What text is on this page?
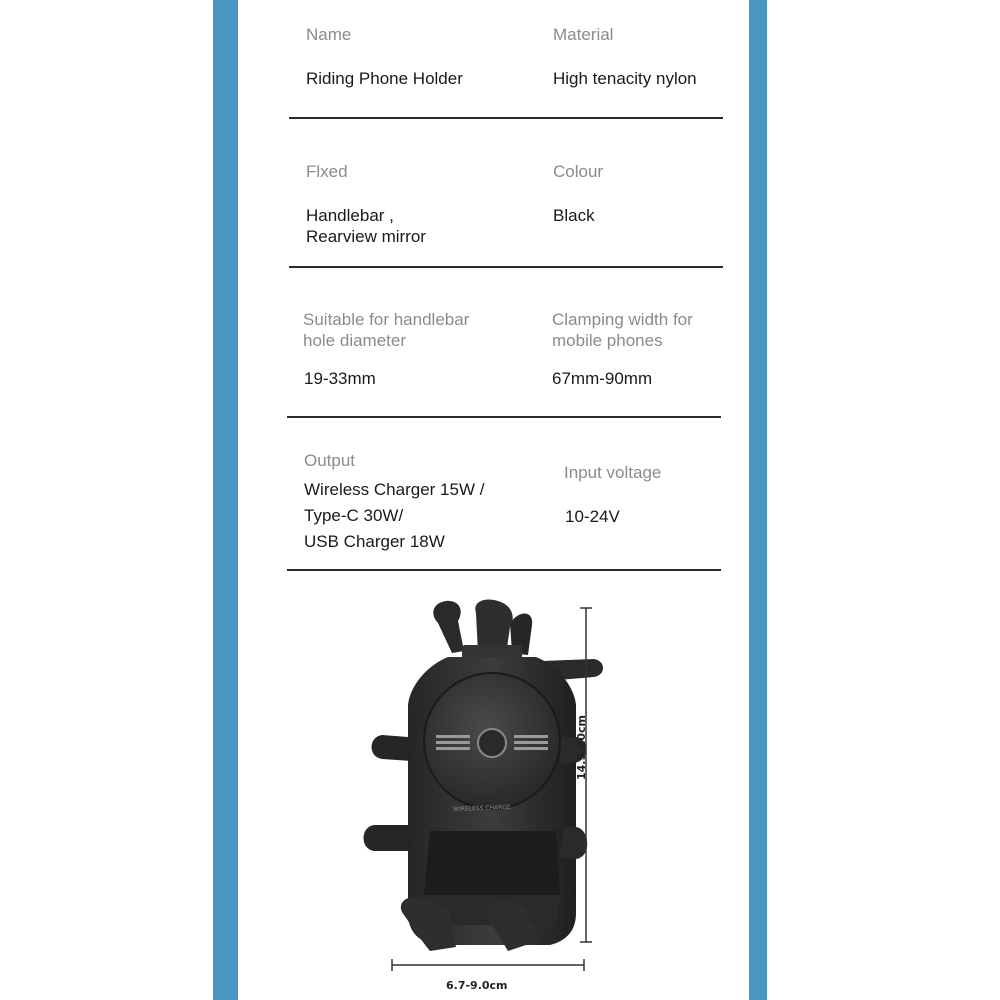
Name
Riding Phone Holder
Material
High tenacity nylon
Flxed
Handlebar ,
Rearview mirror
Colour
Black
Suitable for handlebar
hole diameter
19-33mm
Clamping width for
mobile phones
67mm-90mm
Output
Wireless Charger 15W /
Type-C 30W/
USB Charger 18W
Input voltage
10-24V
WIRELESS CHARGE
14.5-20cm
6.7-9.0cm
